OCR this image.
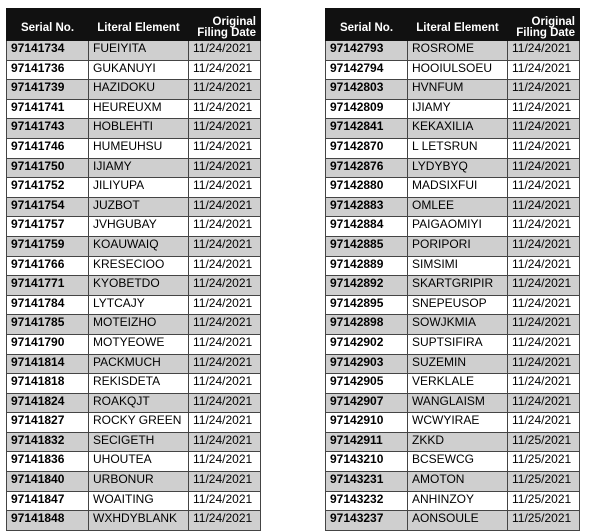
Serial No.	Literal Element	Original
Filing Date
97141734	FUEIYITA	11/24/2021
97141736	GUKANUYI	11/24/2021
97141739	HAZIDOKU	11/24/2021
97141741	HEUREUXM	11/24/2021
97141743	HOBLEHTI	11/24/2021
97141746	HUMEUHSU	11/24/2021
97141750	IJIAMY	11/24/2021
97141752	JILIYUPA	11/24/2021
97141754	JUZBOT	11/24/2021
97141757	JVHGUBAY	11/24/2021
97141759	KOAUWAIQ	11/24/2021
97141766	KRESECIOO	11/24/2021
97141771	KYOBETDO	11/24/2021
97141784	LYTCAJY	11/24/2021
97141785	MOTEIZHO	11/24/2021
97141790	MOTYEOWE	11/24/2021
97141814	PACKMUCH	11/24/2021
97141818	REKISDETA	11/24/2021
97141824	ROAKQJT	11/24/2021
97141827	ROCKY GREEN	11/24/2021
97141832	SECIGETH	11/24/2021
97141836	UHOUTEA	11/24/2021
97141840	URBONUR	11/24/2021
97141847	WOAITING	11/24/2021
97141848	WXHDYBLANK	11/24/2021
Serial No.	Literal Element	Original
Filing Date
97142793	ROSROME	11/24/2021
97142794	HOOIULSOEU	11/24/2021
97142803	HVNFUM	11/24/2021
97142809	IJIAMY	11/24/2021
97142841	KEKAXILIA	11/24/2021
97142870	L LETSRUN	11/24/2021
97142876	LYDYBYQ	11/24/2021
97142880	MADSIXFUI	11/24/2021
97142883	OMLEE	11/24/2021
97142884	PAIGAOMIYI	11/24/2021
97142885	PORIPORI	11/24/2021
97142889	SIMSIMI	11/24/2021
97142892	SKARTGRIPIR	11/24/2021
97142895	SNEPEUSOP	11/24/2021
97142898	SOWJKMIA	11/24/2021
97142902	SUPTSIFIRA	11/24/2021
97142903	SUZEMIN	11/24/2021
97142905	VERKLALE	11/24/2021
97142907	WANGLAISM	11/24/2021
97142910	WCWYIRAE	11/24/2021
97142911	ZKKD	11/25/2021
97143210	BCSEWCG	11/25/2021
97143231	AMOTON	11/25/2021
97143232	ANHINZOY	11/25/2021
97143237	AONSOULE	11/25/2021
